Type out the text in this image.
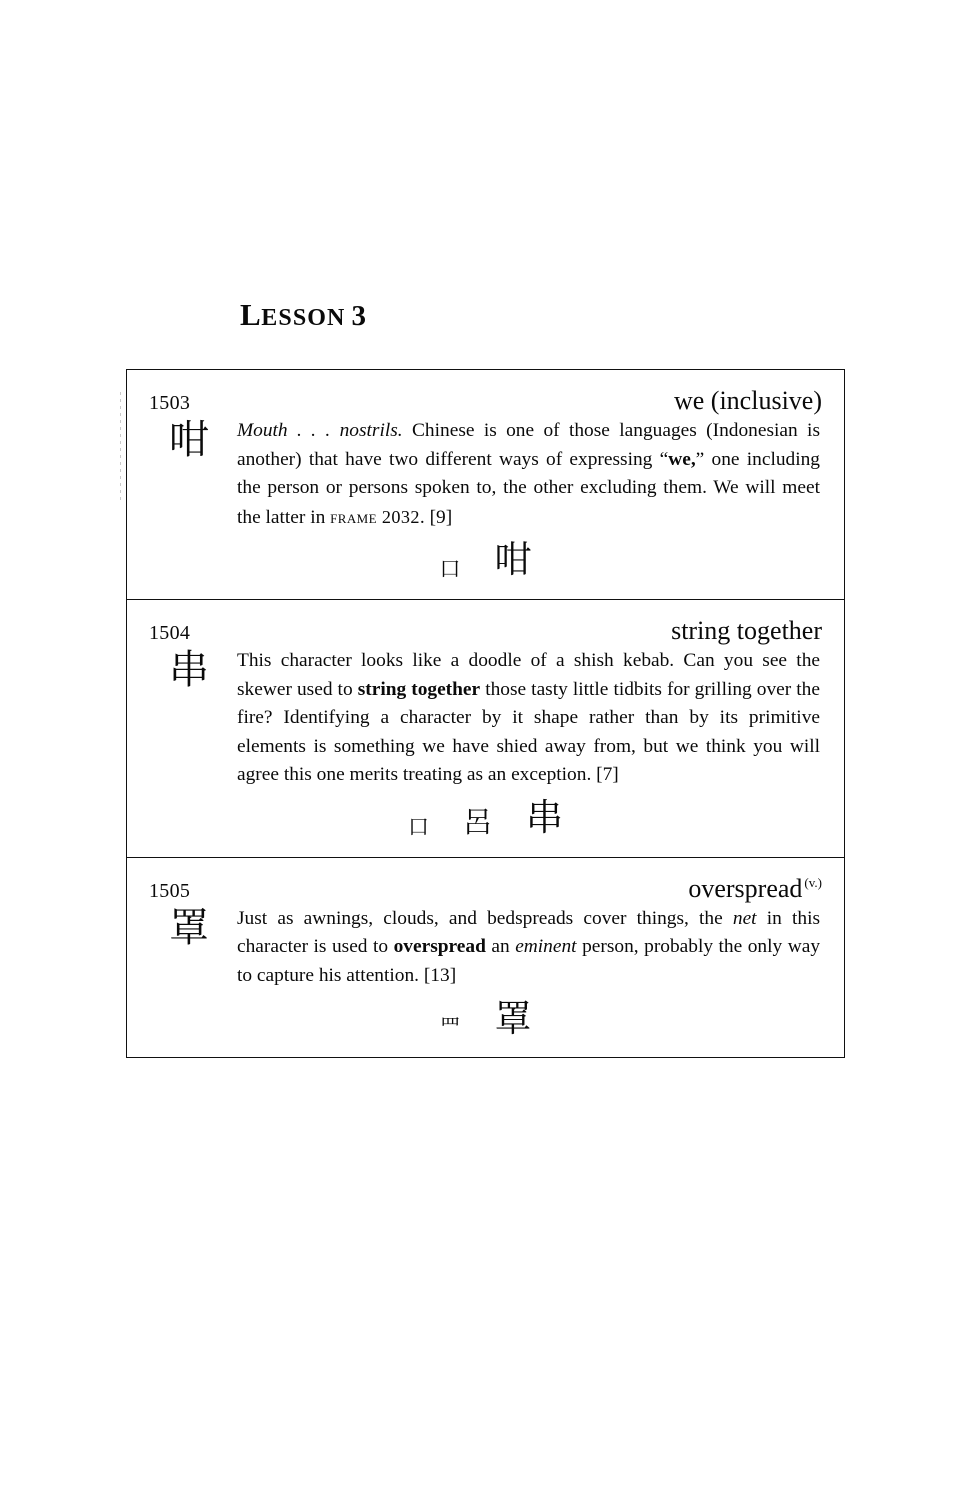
LESSON 3
1503	we (inclusive)
咁	Mouth . . . nostrils. Chinese is one of those languages (Indonesian is another) that have two different ways of expressing “we,” one including the person or persons spoken to, the other excluding them. We will meet the latter in frame 2032. [9]
口 咁
1504	string together
串	This character looks like a doodle of a shish kebab. Can you see the skewer used to string together those tasty little tidbits for grilling over the fire? Identifying a character by it shape rather than by its primitive elements is something we have shied away from, but we think you will agree this one merits treating as an exception. [7]
口 呂 串
1505	overspread $^{(v.)}$
罩	Just as awnings, clouds, and bedspreads cover things, the net in this character is used to overspread an eminent person, probably the only way to capture his attention. [13]
罒 罩
